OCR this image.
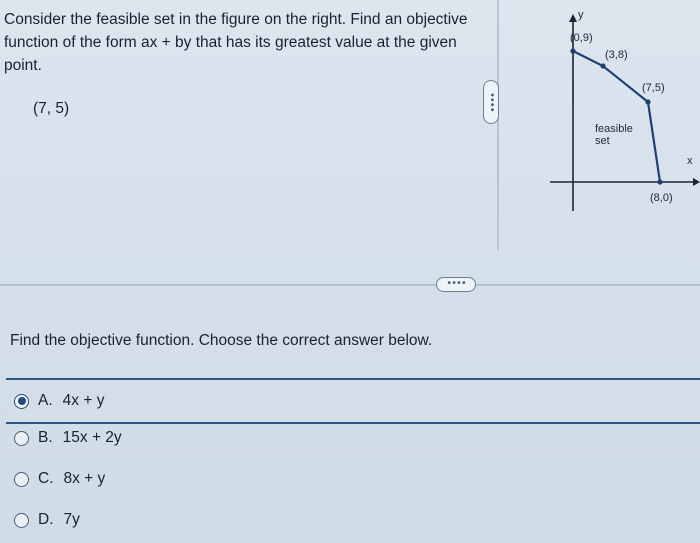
Consider the feasible set in the figure on the right. Find an objective function of the form ax + by that has its greatest value at the given point.
(7, 5)
y
x
(0,9)
(3,8)
(7,5)
(8,0)
feasible
set
••••
••••
Find the objective function. Choose the correct answer below.
A. 4x + y
B. 15x + 2y
C. 8x + y
D. 7y
